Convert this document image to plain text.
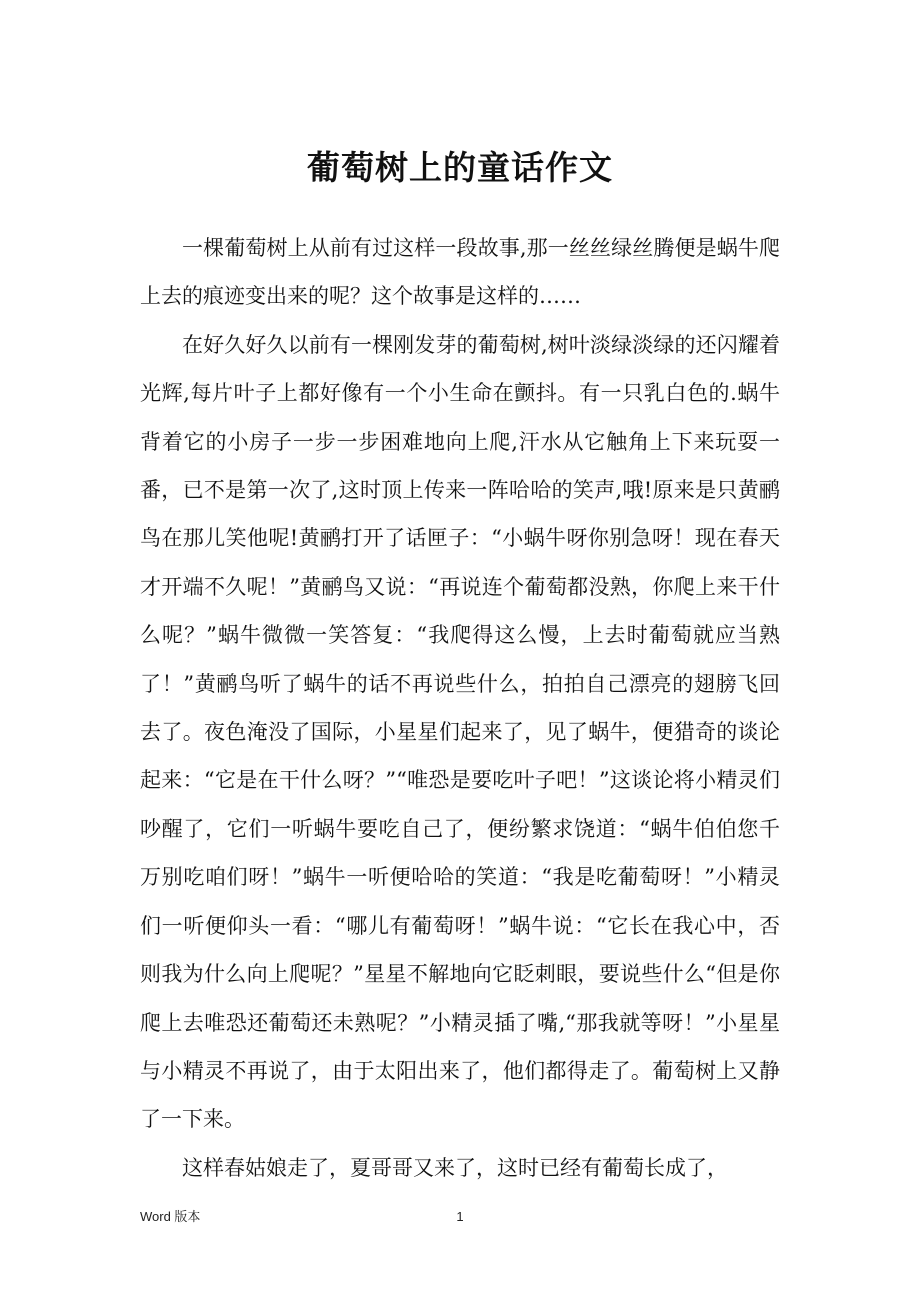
葡萄树上的童话作文

一棵葡萄树上从前有过这样一段故事,那一丝丝绿丝腾便是蜗牛爬上去的痕迹变出来的呢？这个故事是这样的……

在好久好久以前有一棵刚发芽的葡萄树,树叶淡绿淡绿的还闪耀着光辉,每片叶子上都好像有一个小生命在颤抖。有一只乳白色的.蜗牛背着它的小房子一步一步困难地向上爬,汗水从它触角上下来玩耍一番，已不是第一次了,这时顶上传来一阵哈哈的笑声,哦!原来是只黄鹂鸟在那儿笑他呢!黄鹂打开了话匣子：“小蜗牛呀你别急呀！现在春天才开端不久呢！”黄鹂鸟又说：“再说连个葡萄都没熟，你爬上来干什么呢？”蜗牛微微一笑答复：“我爬得这么慢，上去时葡萄就应当熟了！”黄鹂鸟听了蜗牛的话不再说些什么，拍拍自己漂亮的翅膀飞回去了。夜色淹没了国际，小星星们起来了，见了蜗牛，便猎奇的谈论起来：“它是在干什么呀？”“唯恐是要吃叶子吧！”这谈论将小精灵们吵醒了，它们一听蜗牛要吃自己了，便纷繁求饶道：“蜗牛伯伯您千万别吃咱们呀！”蜗牛一听便哈哈的笑道：“我是吃葡萄呀！”小精灵们一听便仰头一看：“哪儿有葡萄呀！”蜗牛说：“它长在我心中，否则我为什么向上爬呢？”星星不解地向它眨刺眼，要说些什么“但是你爬上去唯恐还葡萄还未熟呢？”小精灵插了嘴,“那我就等呀！”小星星与小精灵不再说了，由于太阳出来了，他们都得走了。葡萄树上又静了一下来。

这样春姑娘走了，夏哥哥又来了，这时已经有葡萄长成了，

Word 版本	1
